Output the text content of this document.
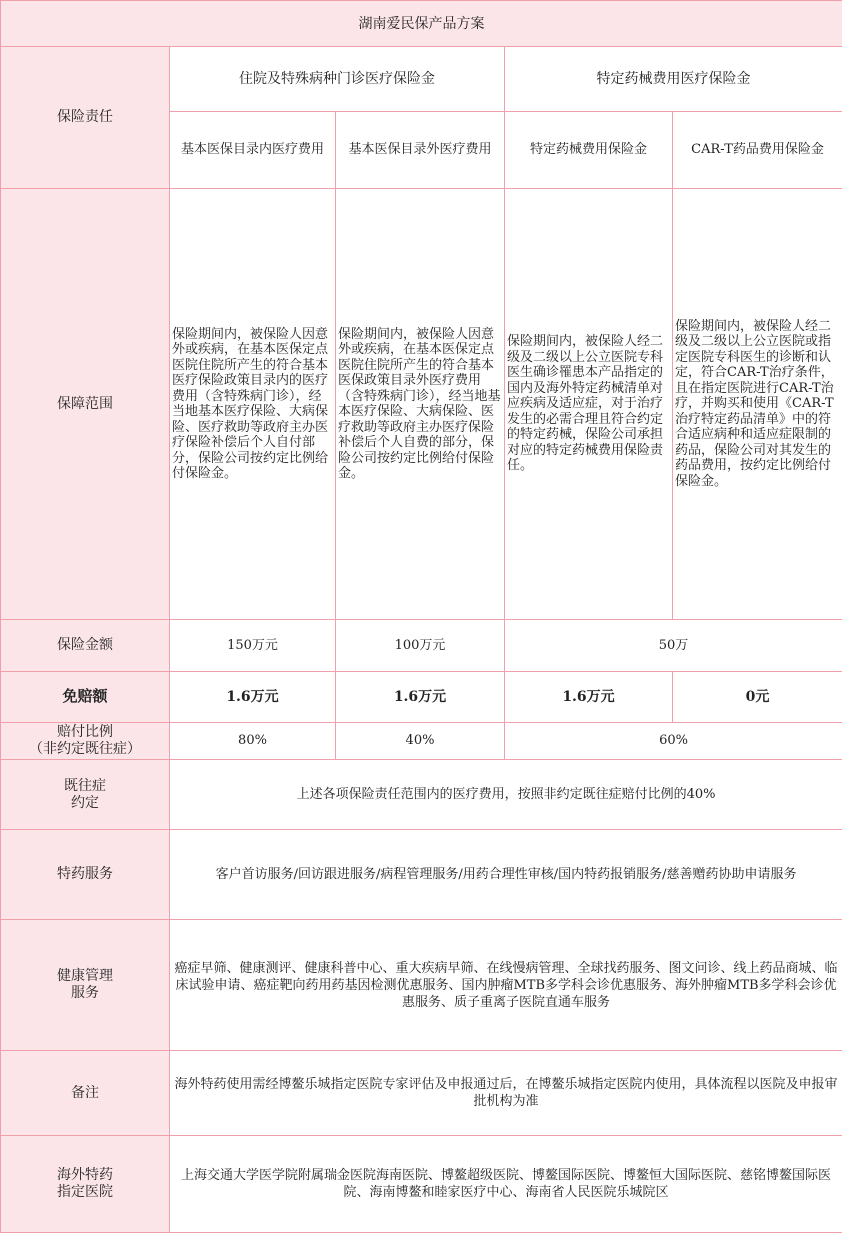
湖南爱民保产品方案				
保险责任	住院及特殊病种门诊医疗保险金		特定药械费用医疗保险金	
	基本医保目录内医疗费用	基本医保目录外医疗费用	特定药械费用保险金	CAR-T药品费用保险金
保障范围	保险期间内，被保险人因意外或疾病，在基本医保定点医院住院所产生的符合基本医疗保险政策目录内的医疗费用（含特殊病门诊），经当地基本医疗保险、大病保险、医疗救助等政府主办医疗保险补偿后个人自付部分，保险公司按约定比例给付保险金。	保险期间内，被保险人因意外或疾病，在基本医保定点医院住院所产生的符合基本医保政策目录外医疗费用（含特殊病门诊），经当地基本医疗保险、大病保险、医疗救助等政府主办医疗保险补偿后个人自费的部分，保险公司按约定比例给付保险金。	保险期间内，被保险人经二级及二级以上公立医院专科医生确诊罹患本产品指定的国内及海外特定药械清单对应疾病及适应症，对于治疗发生的必需合理且符合约定的特定药械，保险公司承担对应的特定药械费用保险责任。	保险期间内，被保险人经二级及二级以上公立医院或指定医院专科医生的诊断和认定，符合CAR-T治疗条件，且在指定医院进行CAR-T治疗，并购买和使用《CAR-T治疗特定药品清单》中的符合适应病种和适应症限制的药品，保险公司对其发生的药品费用，按约定比例给付保险金。
保险金额	150万元	100万元	50万	
免赔额	1.6万元	1.6万元	1.6万元	0元
赔付比例
（非约定既往症）	80%	40%	60%	
既往症
约定	上述各项保险责任范围内的医疗费用，按照非约定既往症赔付比例的40%			
特药服务	客户首访服务/回访跟进服务/病程管理服务/用药合理性审核/国内特药报销服务/慈善赠药协助申请服务			
健康管理
服务	癌症早筛、健康测评、健康科普中心、重大疾病早筛、在线慢病管理、全球找药服务、图文问诊、线上药品商城、临床试验申请、癌症靶向药用药基因检测优惠服务、国内肿瘤MTB多学科会诊优惠服务、海外肿瘤MTB多学科会诊优惠服务、质子重离子医院直通车服务			
备注	海外特药使用需经博鳌乐城指定医院专家评估及申报通过后，在博鳌乐城指定医院内使用，具体流程以医院及申报审批机构为准			
海外特药
指定医院	上海交通大学医学院附属瑞金医院海南医院、博鳌超级医院、博鳌国际医院、博鳌恒大国际医院、慈铭博鳌国际医院、海南博鳌和睦家医疗中心、海南省人民医院乐城院区			
